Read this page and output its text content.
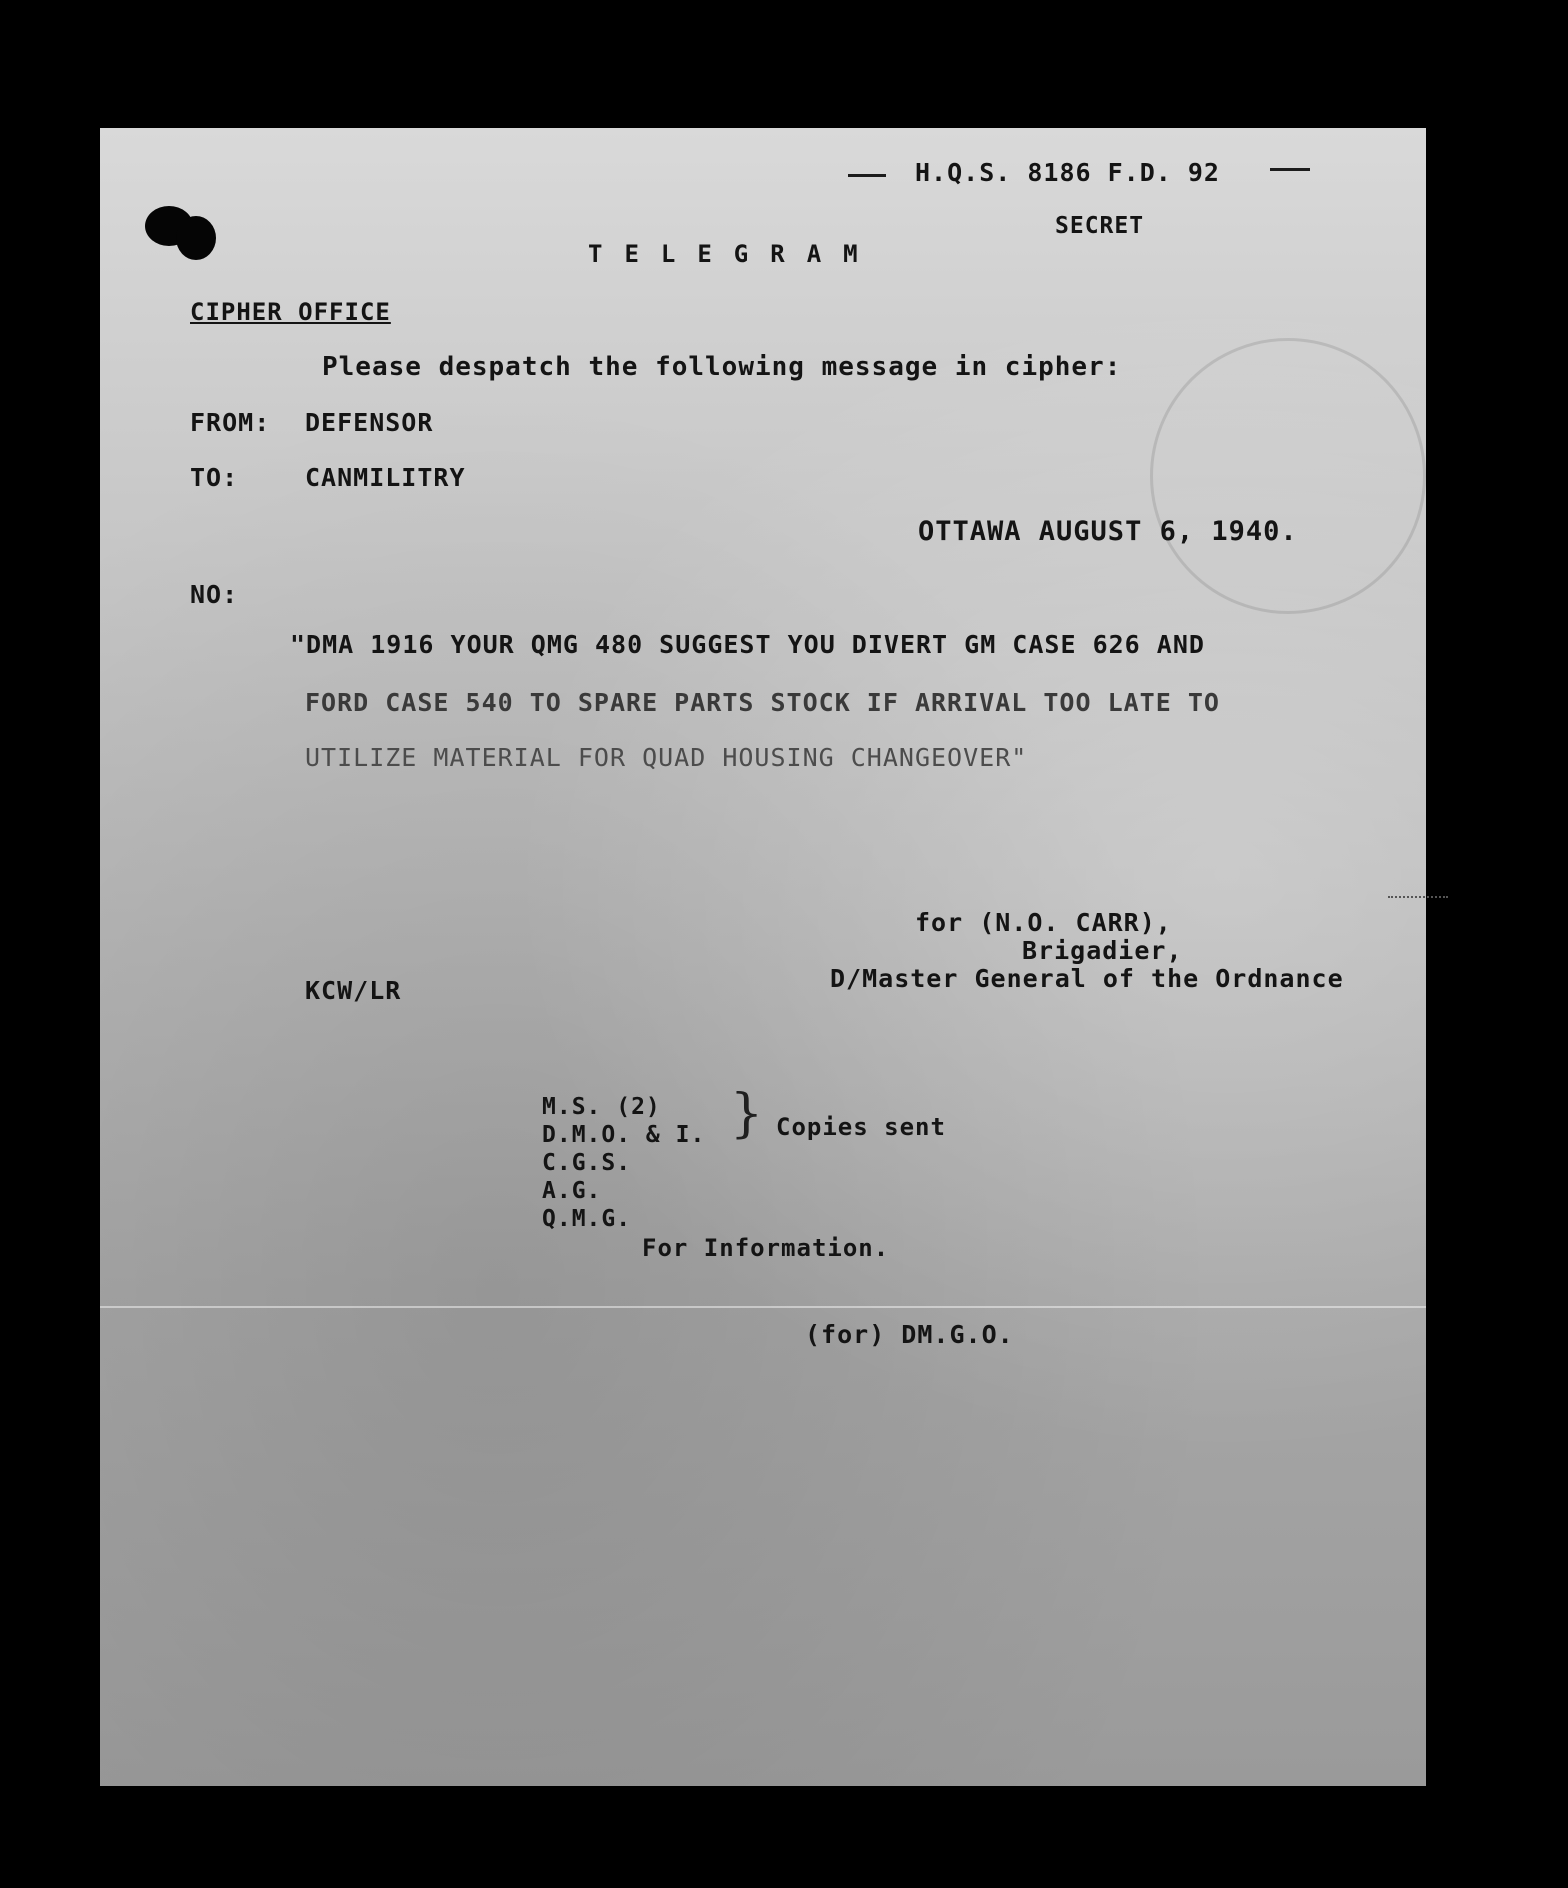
H.Q.S. 8186 F.D. 92
SECRET
TELEGRAM
CIPHER OFFICE
Please despatch the following message in cipher:
FROM: DEFENSOR
TO:	CANMILITRY
OTTAWA AUGUST 6, 1940.
NO:
"DMA 1916 YOUR QMG 480 SUGGEST YOU DIVERT GM CASE 626 AND
FORD CASE 540 TO SPARE PARTS STOCK IF ARRIVAL TOO LATE TO
UTILIZE MATERIAL FOR QUAD HOUSING CHANGEOVER"
for (N.O. CARR),
Brigadier,
D/Master General of the Ordnance
KCW/LR
M.S. (2)
D.M.O. & I. } Copies sent
C.G.S.
A.G.
Q.M.G.
For Information.
(for) DM.G.O.
